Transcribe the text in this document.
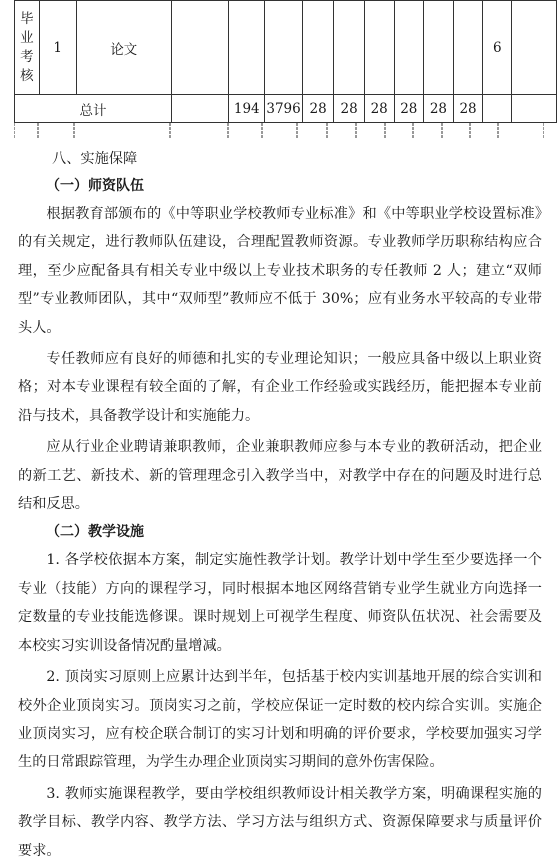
毕业考核	1	论文										6	
总计				194	3796	28	28	28	28	28	28		
八、实施保障
（一）师资队伍

根据教育部颁布的《中等职业学校教师专业标准》和《中等职业学校设置标准》的有关规定，进行教师队伍建设，合理配置教师资源。专业教师学历职称结构应合理，至少应配备具有相关专业中级以上专业技术职务的专任教师 2 人；建立“双师型”专业教师团队，其中“双师型”教师应不低于 30%；应有业务水平较高的专业带头人。

专任教师应有良好的师德和扎实的专业理论知识；一般应具备中级以上职业资格；对本专业课程有较全面的了解，有企业工作经验或实践经历，能把握本专业前沿与技术，具备教学设计和实施能力。

应从行业企业聘请兼职教师，企业兼职教师应参与本专业的教研活动，把企业的新工艺、新技术、新的管理理念引入教学当中，对教学中存在的问题及时进行总结和反思。

（二）教学设施

1. 各学校依据本方案，制定实施性教学计划。教学计划中学生至少要选择一个专业（技能）方向的课程学习，同时根据本地区网络营销专业学生就业方向选择一定数量的专业技能选修课。课时规划上可视学生程度、师资队伍状况、社会需要及本校实习实训设备情况酌量增减。

2. 顶岗实习原则上应累计达到半年，包括基于校内实训基地开展的综合实训和校外企业顶岗实习。顶岗实习之前，学校应保证一定时数的校内综合实训。实施企业顶岗实习，应有校企联合制订的实习计划和明确的评价要求，学校要加强实习学生的日常跟踪管理，为学生办理企业顶岗实习期间的意外伤害保险。

3. 教师实施课程教学，要由学校组织教师设计相关教学方案，明确课程实施的教学目标、教学内容、教学方法、学习方法与组织方式、资源保障要求与质量评价要求。
